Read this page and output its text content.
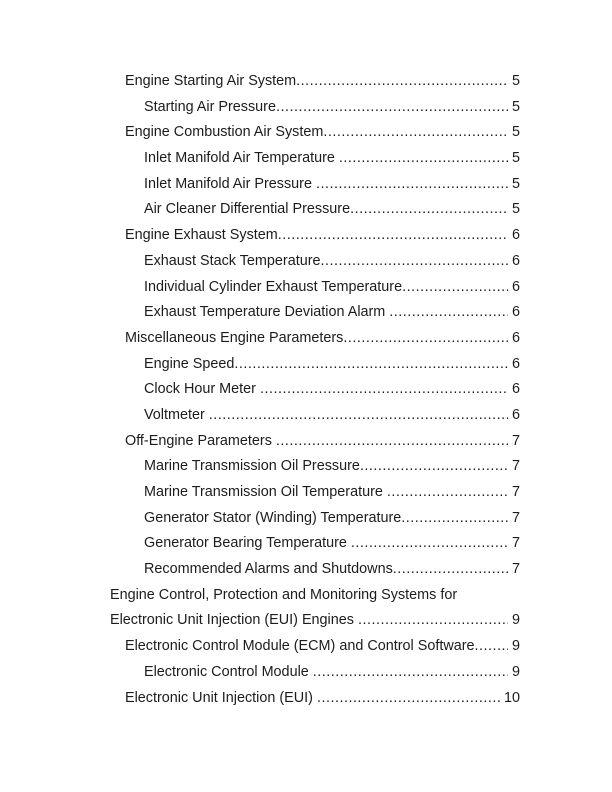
Engine Starting Air System .....	5
Starting Air Pressure .....	5
Engine Combustion Air System .....	5
Inlet Manifold Air Temperature .....	5
Inlet Manifold Air Pressure .....	5
Air Cleaner Differential Pressure .....	5
Engine Exhaust System .....	6
Exhaust Stack Temperature .....	6
Individual Cylinder Exhaust Temperature .....	6
Exhaust Temperature Deviation Alarm .....	6
Miscellaneous Engine Parameters .....	6
Engine Speed .....	6
Clock Hour Meter .....	6
Voltmeter .....	6
Off-Engine Parameters .....	7
Marine Transmission Oil Pressure .....	7
Marine Transmission Oil Temperature .....	7
Generator Stator (Winding) Temperature .....	7
Generator Bearing Temperature .....	7
Recommended Alarms and Shutdowns .....	7
Engine Control, Protection and Monitoring Systems for
Electronic Unit Injection (EUI) Engines .....	9
Electronic Control Module (ECM) and Control Software .....	9
Electronic Control Module .....	9
Electronic Unit Injection (EUI) .....	10
